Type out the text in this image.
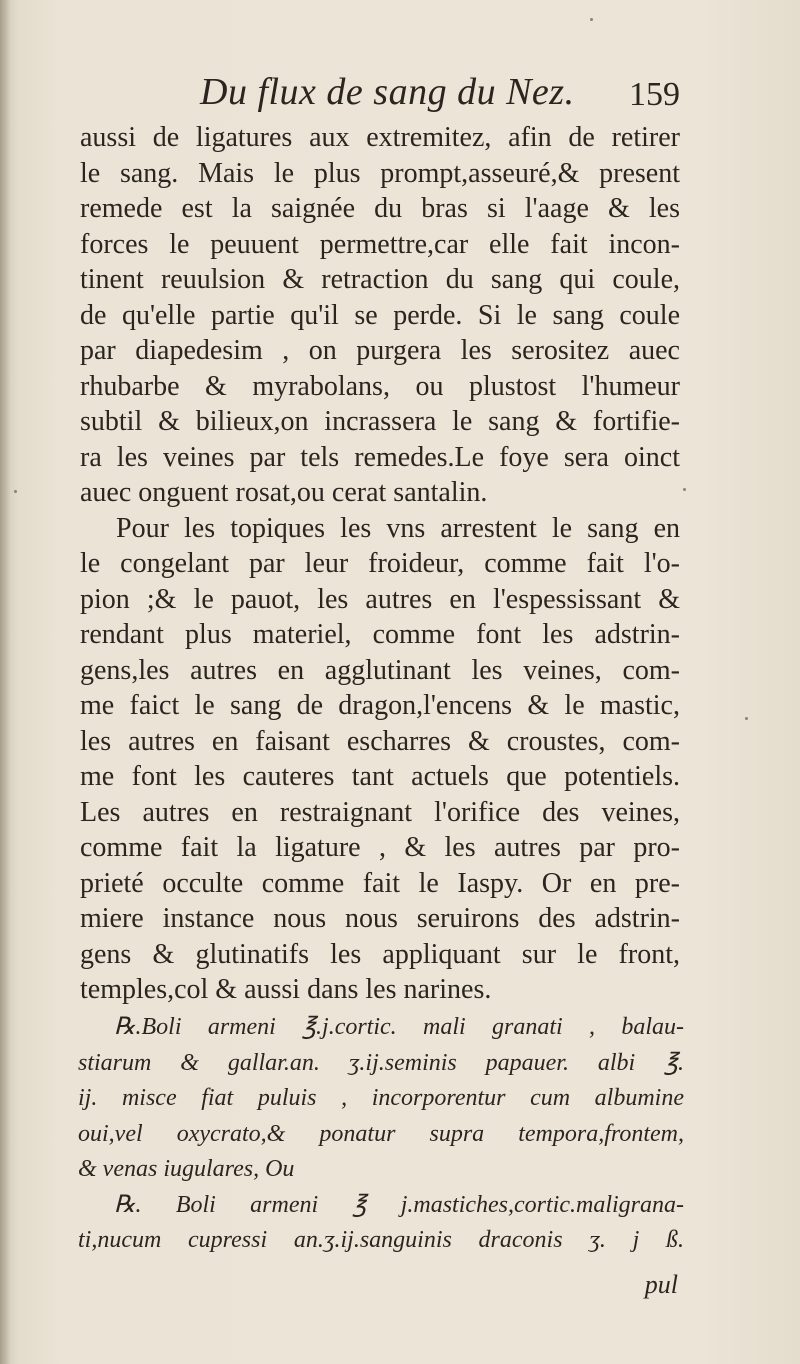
Du flux de sang du Nez. 159
aussi de ligatures aux extremitez, afin de retirer
le sang. Mais le plus prompt,asseuré,& present
remede est la saignée du bras si l'aage & les
forces le peuuent permettre,car elle fait incon-
tinent reuulsion & retraction du sang qui coule,
de qu'elle partie qu'il se perde. Si le sang coule
par diapedesim , on purgera les serositez auec
rhubarbe & myrabolans, ou plustost l'humeur
subtil & bilieux,on incrassera le sang & fortifie-
ra les veines par tels remedes.Le foye sera oinct
auec onguent rosat,ou cerat santalin.
Pour les topiques les vns arrestent le sang en
le congelant par leur froideur, comme fait l'o-
pion ;& le pauot, les autres en l'espessissant &
rendant plus materiel, comme font les adstrin-
gens,les autres en agglutinant les veines, com-
me faict le sang de dragon,l'encens & le mastic,
les autres en faisant escharres & croustes, com-
me font les cauteres tant actuels que potentiels.
Les autres en restraignant l'orifice des veines,
comme fait la ligature , & les autres par pro-
prieté occulte comme fait le Iaspy. Or en pre-
miere instance nous nous seruirons des adstrin-
gens & glutinatifs les appliquant sur le front,
temples,col & aussi dans les narines.
℞.Boli armeni ℥.j.cortic. mali granati , balau-
stiarum & gallar.an. ʒ.ij.seminis papauer. albi ℥.
ij. misce fiat puluis , incorporentur cum albumine
oui,vel oxycrato,& ponatur supra tempora,frontem,
& venas iugulares, Ou
℞. Boli armeni ℥ j.mastiches,cortic.maligrana-
ti,nucum cupressi an.ʒ.ij.sanguinis draconis ʒ. j ß.
pul
